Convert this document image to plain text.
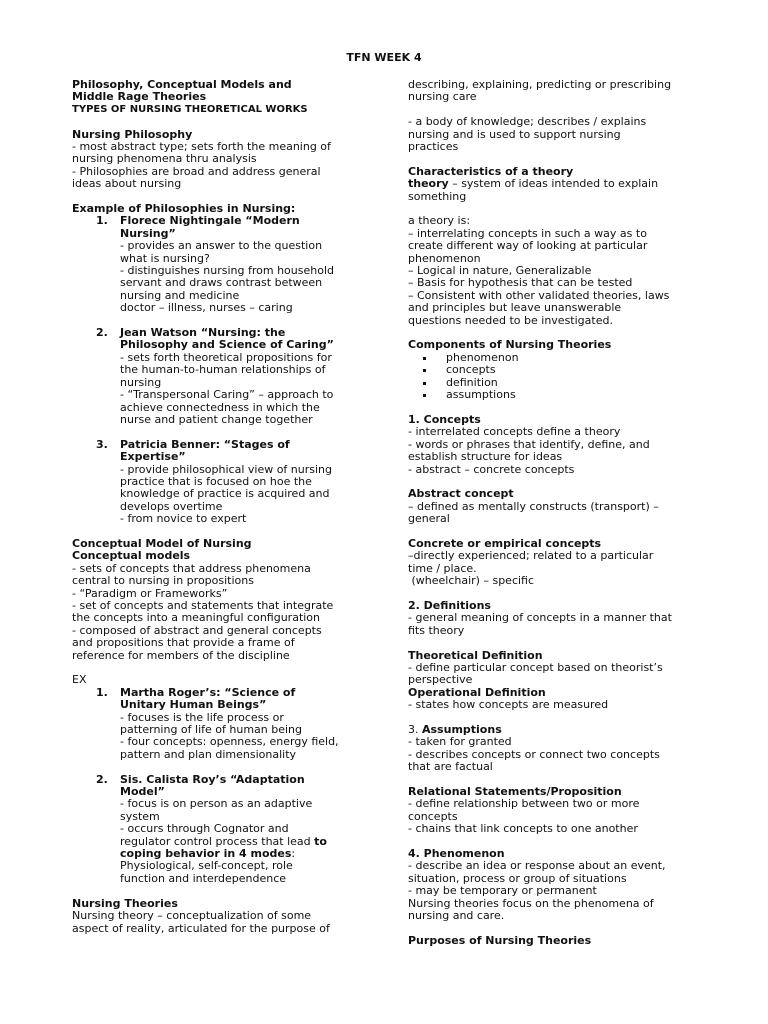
TFN WEEK 4
Philosophy, Conceptual Models and
Middle Rage Theories
TYPES OF NURSING THEORETICAL WORKS
Nursing Philosophy
- most abstract type; sets forth the meaning of
nursing phenomena thru analysis
- Philosophies are broad and address general
ideas about nursing
Example of Philosophies in Nursing:
1. Florece Nightingale “Modern
Nursing”
- provides an answer to the question
what is nursing?
- distinguishes nursing from household
servant and draws contrast between
nursing and medicine
doctor – illness, nurses – caring
2. Jean Watson “Nursing: the
Philosophy and Science of Caring”
- sets forth theoretical propositions for
the human-to-human relationships of
nursing
- “Transpersonal Caring” – approach to
achieve connectedness in which the
nurse and patient change together
3. Patricia Benner: “Stages of
Expertise”
- provide philosophical view of nursing
practice that is focused on hoe the
knowledge of practice is acquired and
develops overtime
- from novice to expert
Conceptual Model of Nursing
Conceptual models
- sets of concepts that address phenomena
central to nursing in propositions
- “Paradigm or Frameworks”
- set of concepts and statements that integrate
the concepts into a meaningful configuration
- composed of abstract and general concepts
and propositions that provide a frame of
reference for members of the discipline
EX
1. Martha Roger’s: “Science of
Unitary Human Beings”
- focuses is the life process or
patterning of life of human being
- four concepts: openness, energy field,
pattern and plan dimensionality
2. Sis. Calista Roy’s “Adaptation
Model”
- focus is on person as an adaptive
system
- occurs through Cognator and
regulator control process that lead to
coping behavior in 4 modes:
Physiological, self-concept, role
function and interdependence
Nursing Theories
Nursing theory – conceptualization of some
aspect of reality, articulated for the purpose of
describing, explaining, predicting or prescribing
nursing care
- a body of knowledge; describes / explains
nursing and is used to support nursing
practices
Characteristics of a theory
theory – system of ideas intended to explain
something
a theory is:
– interrelating concepts in such a way as to
create different way of looking at particular
phenomenon
– Logical in nature, Generalizable
– Basis for hypothesis that can be tested
– Consistent with other validated theories, laws
and principles but leave unanswerable
questions needed to be investigated.
Components of Nursing Theories
phenomenon
concepts
definition
assumptions
1. Concepts
- interrelated concepts define a theory
- words or phrases that identify, define, and
establish structure for ideas
- abstract – concrete concepts
Abstract concept
– defined as mentally constructs (transport) –
general
Concrete or empirical concepts
–directly experienced; related to a particular
time / place.
(wheelchair) – specific
2. Definitions
- general meaning of concepts in a manner that
fits theory
Theoretical Definition
- define particular concept based on theorist’s
perspective
Operational Definition
- states how concepts are measured
3. Assumptions
- taken for granted
- describes concepts or connect two concepts
that are factual
Relational Statements/Proposition
- define relationship between two or more
concepts
- chains that link concepts to one another
4. Phenomenon
- describe an idea or response about an event,
situation, process or group of situations
- may be temporary or permanent
Nursing theories focus on the phenomena of
nursing and care.
Purposes of Nursing Theories
